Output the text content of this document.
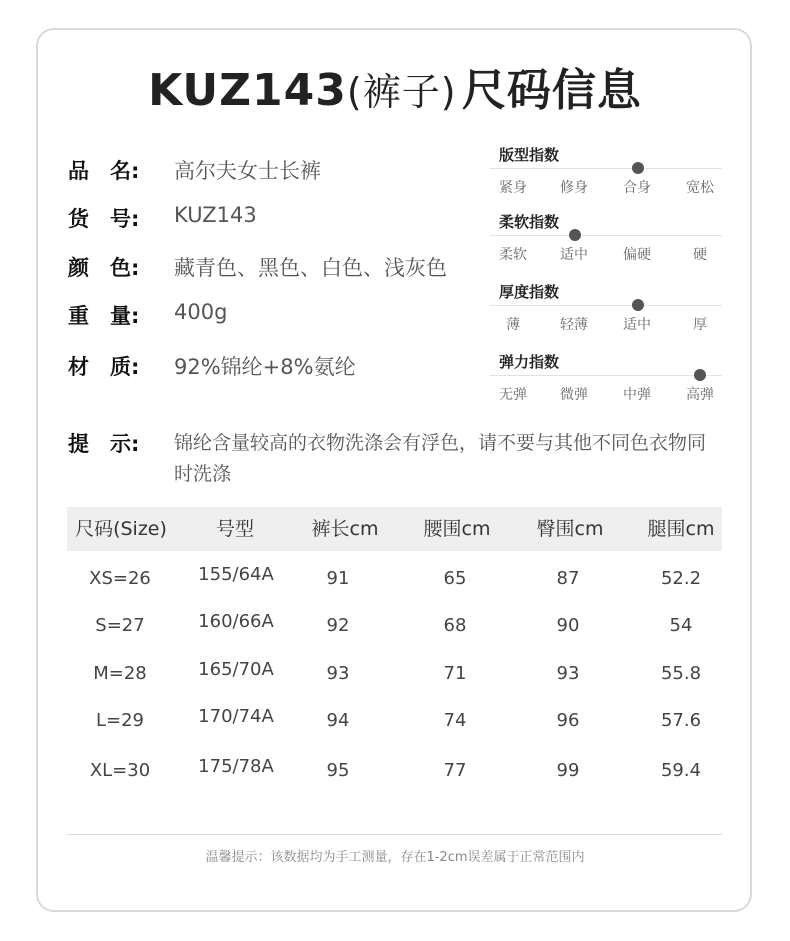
KUZ143(裤子)  尺码信息
品　名: 高尔夫女士长裤
货　号: KUZ143
颜　色: 藏青色、黑色、白色、浅灰色
重　量: 400g
材　质: 92%锦纶+8%氨纶
提　示: 锦纶含量较高的衣物洗涤会有浮色，请不要与其他不同色衣物同时洗涤
版型指数
紧身	修身	合身	宽松
柔软指数
柔软	适中	偏硬	硬
厚度指数
薄	轻薄	适中	厚
弹力指数
无弹	微弹	中弹	高弹
尺码(Size)	号型	裤长cm	腰围cm	臀围cm	腿围cm
XS=26	155/64A	91	65	87	52.2
S=27	160/66A	92	68	90	54
M=28	165/70A	93	71	93	55.8
L=29	170/74A	94	74	96	57.6
XL=30	175/78A	95	77	99	59.4
温馨提示：该数据均为手工测量，存在1-2cm误差属于正常范围内
